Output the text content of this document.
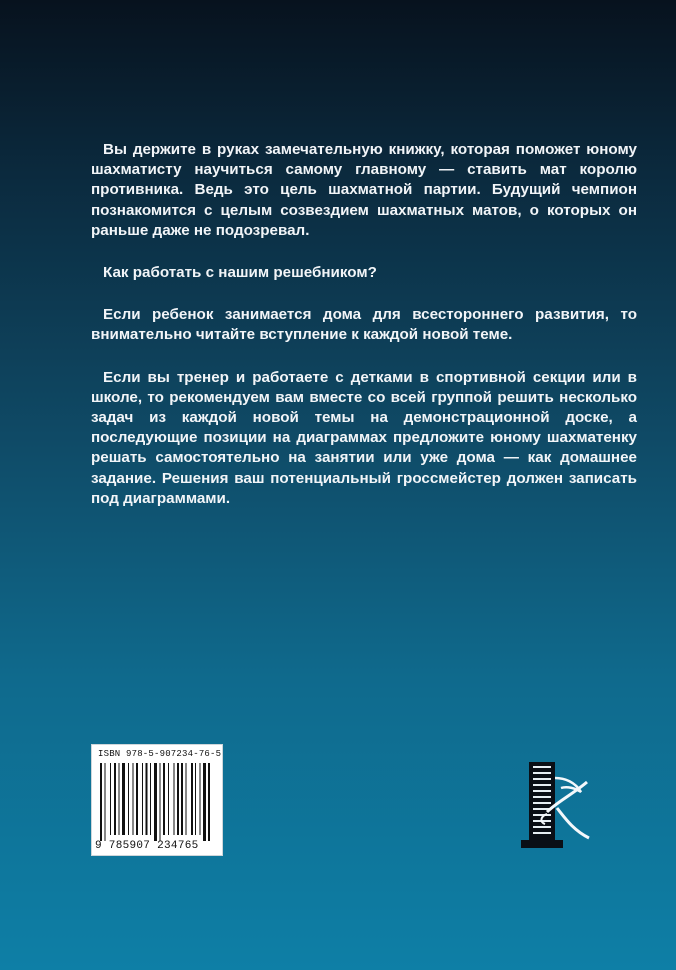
Вы держите в руках замечательную книжку, которая поможет юному шахматисту научиться самому главному — ставить мат королю противника. Ведь это цель шахматной партии. Будущий чемпион познакомится с целым созвездием шахматных матов, о которых он раньше даже не подозревал.

Как работать с нашим решебником?

Если ребенок занимается дома для всестороннего развития, то внимательно читайте вступление к каждой новой теме.

Если вы тренер и работаете с детками в спортивной секции или в школе, то рекомендуем вам вместе со всей группой решить несколько задач из каждой новой темы на демонстрационной доске, а последующие позиции на диаграммах предложите юному шахматенку решать самостоятельно на занятии или уже дома — как домашнее задание. Решения ваш потенциальный гроссмейстер должен записать под диаграммами.

ISBN 978-5-907234-76-5
9 785907 234765
